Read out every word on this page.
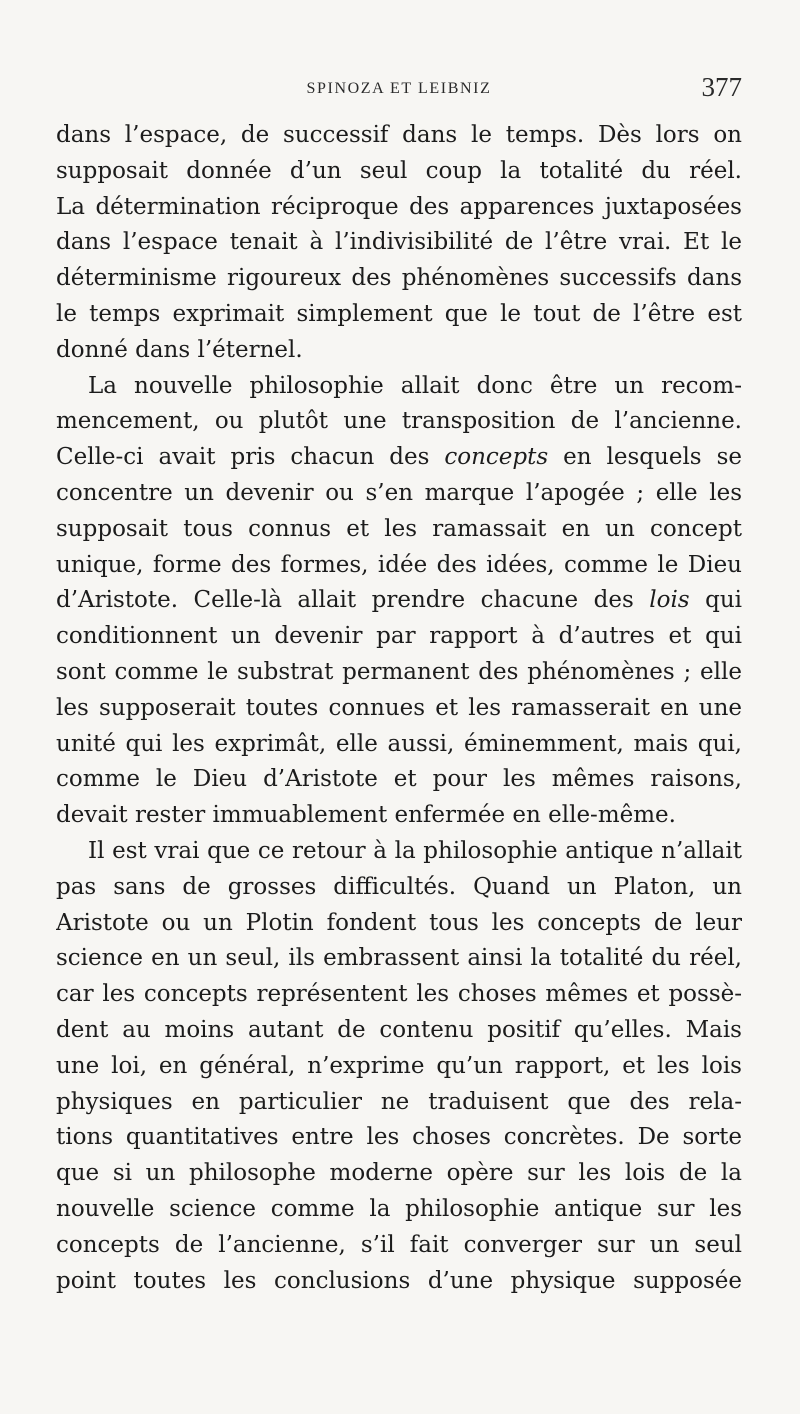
SPINOZA ET LEIBNIZ	377
dans l’espace, de successif dans le temps. Dès lors on
supposait donnée d’un seul coup la totalité du réel.
La détermination réciproque des apparences juxtaposées
dans l’espace tenait à l’indivisibilité de l’être vrai. Et le
déterminisme rigoureux des phénomènes successifs dans
le temps exprimait simplement que le tout de l’être est
donné dans l’éternel.
La nouvelle philosophie allait donc être un recom-
mencement, ou plutôt une transposition de l’ancienne.
Celle-ci avait pris chacun des concepts en lesquels se
concentre un devenir ou s’en marque l’apogée ; elle les
supposait tous connus et les ramassait en un concept
unique, forme des formes, idée des idées, comme le Dieu
d’Aristote. Celle-là allait prendre chacune des lois qui
conditionnent un devenir par rapport à d’autres et qui
sont comme le substrat permanent des phénomènes ; elle
les supposerait toutes connues et les ramasserait en une
unité qui les exprimât, elle aussi, éminemment, mais qui,
comme le Dieu d’Aristote et pour les mêmes raisons,
devait rester immuablement enfermée en elle-même.
Il est vrai que ce retour à la philosophie antique n’allait
pas sans de grosses difficultés. Quand un Platon, un
Aristote ou un Plotin fondent tous les concepts de leur
science en un seul, ils embrassent ainsi la totalité du réel,
car les concepts représentent les choses mêmes et possè-
dent au moins autant de contenu positif qu’elles. Mais
une loi, en général, n’exprime qu’un rapport, et les lois
physiques en particulier ne traduisent que des rela-
tions quantitatives entre les choses concrètes. De sorte
que si un philosophe moderne opère sur les lois de la
nouvelle science comme la philosophie antique sur les
concepts de l’ancienne, s’il fait converger sur un seul
point toutes les conclusions d’une physique supposée
